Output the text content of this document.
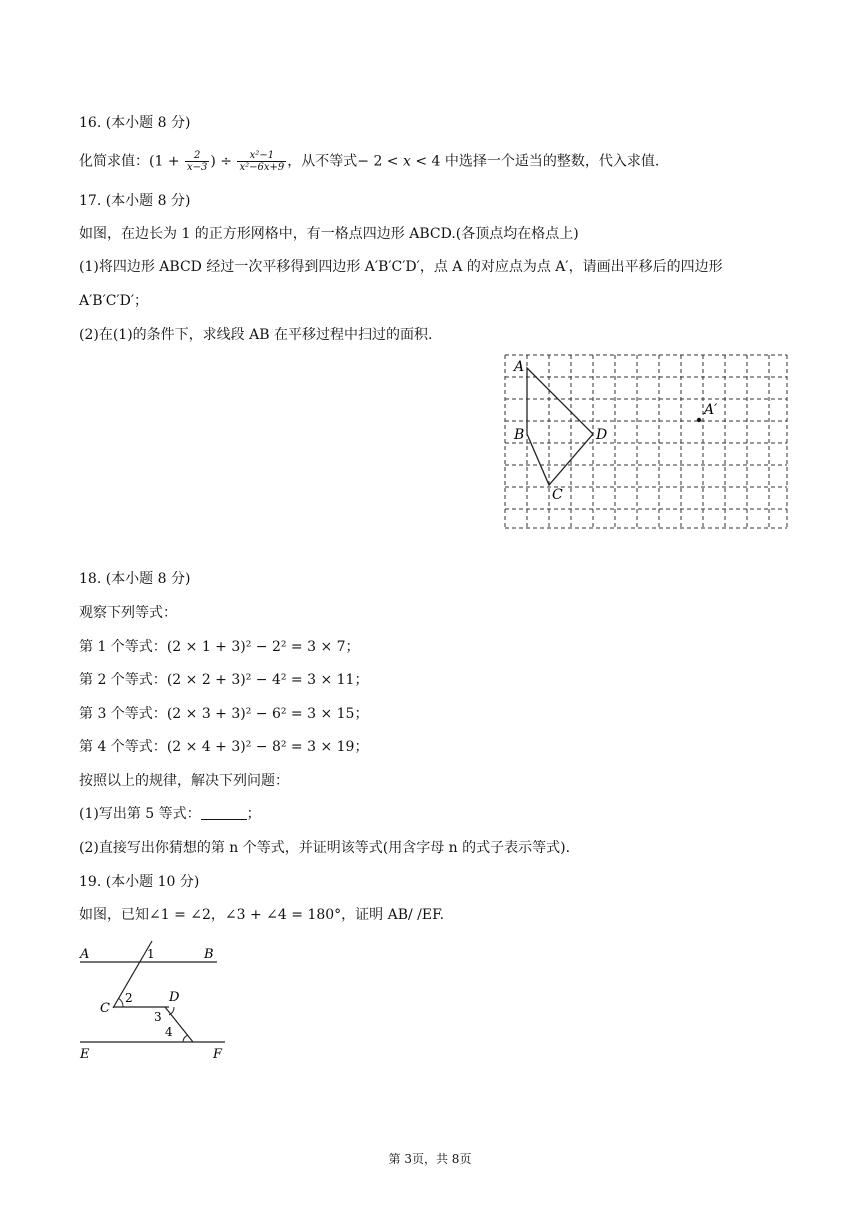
16. (本小题 8 分)
化简求值：($1 + \frac{2}{x-3}$ ) ÷ $\frac{\text{x²−1}}{\text{x²−6x+9}}$ ，从不等式− 2 < x < 4 中选择一个适当的整数，代入求值.
17. (本小题 8 分)
如图，在边长为 1 的正方形网格中，有一格点四边形 ABCD.(各顶点均在格点上)
(1)将四边形 ABCD 经过一次平移得到四边形 A′B′C′D′，点 A 的对应点为点 A′，请画出平移后的四边形
A′B′C′D′；
(2)在(1)的条件下，求线段 AB 在平移过程中扫过的面积.
A
B
C
D
A′
18. (本小题 8 分)
观察下列等式：
第 1 个等式：(2 × 1 + 3)² − 2² = 3 × 7；
第 2 个等式：(2 × 2 + 3)² − 4² = 3 × 11；
第 3 个等式：(2 × 3 + 3)² − 6² = 3 × 15；
第 4 个等式：(2 × 4 + 3)² − 8² = 3 × 19；
按照以上的规律，解决下列问题：
(1)写出第 5 等式：	；
(2)直接写出你猜想的第 n 个等式，并证明该等式(用含字母 n 的式子表示等式).
19. (本小题 10 分)
如图，已知∠1 = ∠2，∠3 + ∠4 = 180°，证明 AB/ /EF.
A	B
C
D
E	F
1
2
3
4
第 3页，共 8页
